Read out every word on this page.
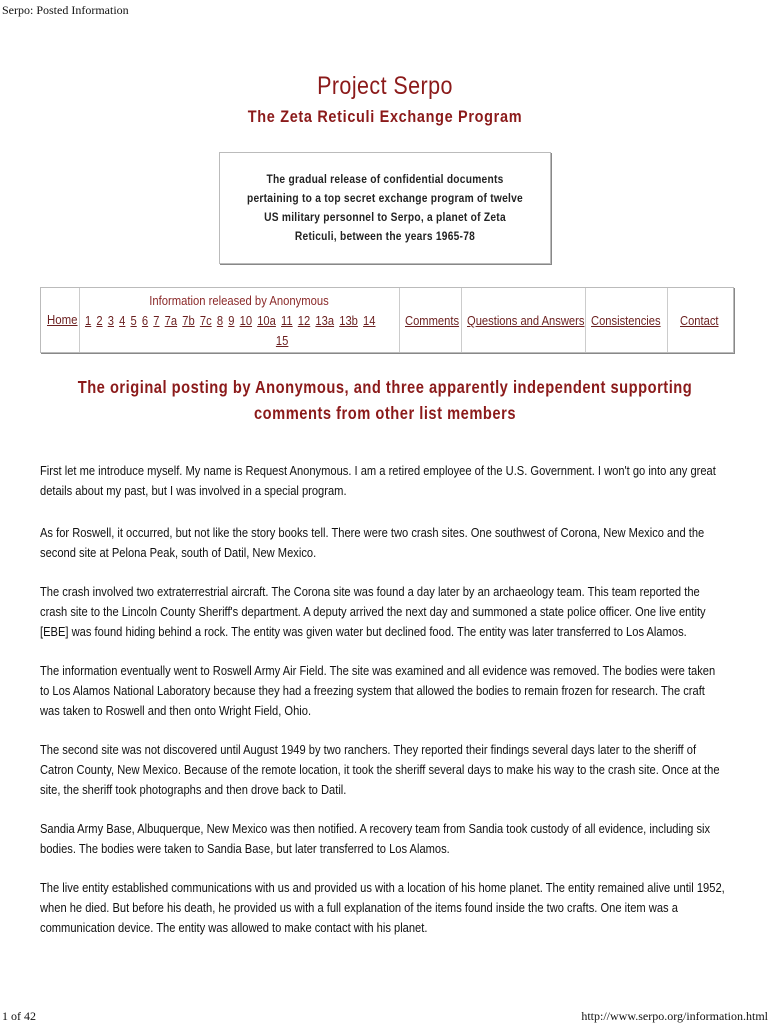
Serpo: Posted Information
Project Serpo
The Zeta Reticuli Exchange Program
The gradual release of confidential documents pertaining to a top secret exchange program of twelve US military personnel to Serpo, a planet of Zeta Reticuli, between the years 1965-78
Home
Information released by Anonymous
1 2 3 4 5 6 7 7a 7b 7c 8 9 10 10a 11 12 13a 13b 14
15
Comments Questions and Answers Consistencies Contact
The original posting by Anonymous, and three apparently independent supporting comments from other list members
First let me introduce myself. My name is Request Anonymous. I am a retired employee of the U.S. Government. I won't go into any great details about my past, but I was involved in a special program.
As for Roswell, it occurred, but not like the story books tell. There were two crash sites. One southwest of Corona, New Mexico and the second site at Pelona Peak, south of Datil, New Mexico.
The crash involved two extraterrestrial aircraft. The Corona site was found a day later by an archaeology team. This team reported the crash site to the Lincoln County Sheriff's department. A deputy arrived the next day and summoned a state police officer. One live entity [EBE] was found hiding behind a rock. The entity was given water but declined food. The entity was later transferred to Los Alamos.
The information eventually went to Roswell Army Air Field. The site was examined and all evidence was removed. The bodies were taken to Los Alamos National Laboratory because they had a freezing system that allowed the bodies to remain frozen for research. The craft was taken to Roswell and then onto Wright Field, Ohio.
The second site was not discovered until August 1949 by two ranchers. They reported their findings several days later to the sheriff of Catron County, New Mexico. Because of the remote location, it took the sheriff several days to make his way to the crash site. Once at the site, the sheriff took photographs and then drove back to Datil.
Sandia Army Base, Albuquerque, New Mexico was then notified. A recovery team from Sandia took custody of all evidence, including six bodies. The bodies were taken to Sandia Base, but later transferred to Los Alamos.
The live entity established communications with us and provided us with a location of his home planet. The entity remained alive until 1952, when he died. But before his death, he provided us with a full explanation of the items found inside the two crafts. One item was a communication device. The entity was allowed to make contact with his planet.
1 of 42	http://www.serpo.org/information.html
